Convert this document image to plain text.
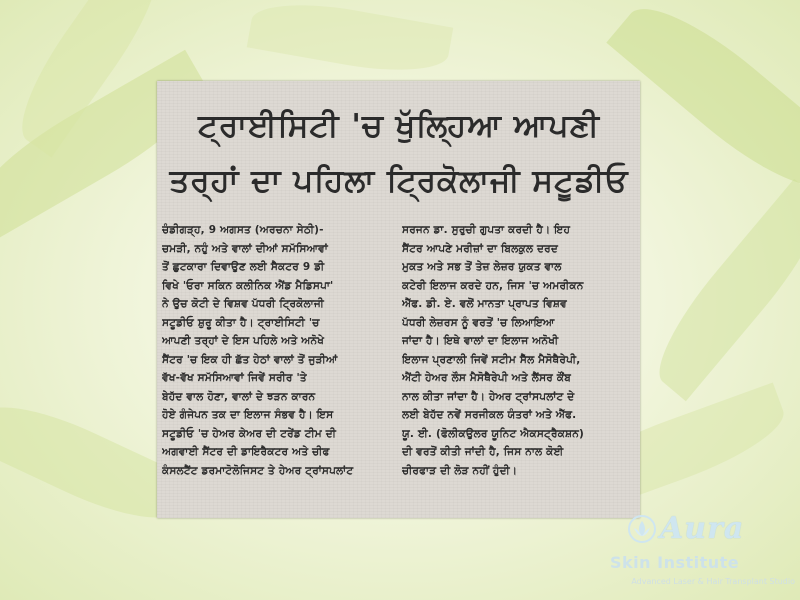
ਟ੍ਰਾਈਸਿਟੀ 'ਚ ਖੁੱਲ੍ਹਿਆ ਆਪਣੀ
ਤਰ੍ਹਾਂ ਦਾ ਪਹਿਲਾ ਟ੍ਰਿਕੋਲਾਜੀ ਸਟੂਡੀਓ
ਚੰਡੀਗੜ੍ਹ, 9 ਅਗਸਤ (ਅਰਚਨਾ ਸੇਠੀ)-
ਚਮੜੀ, ਨਹੁੰ ਅਤੇ ਵਾਲਾਂ ਦੀਆਂ ਸਮੱਸਿਆਵਾਂ
ਤੋਂ ਛੁਟਕਾਰਾ ਦਿਵਾਉਣ ਲਈ ਸੈਕਟਰ 9 ਡੀ
ਵਿਖੇ 'ਓਰਾ ਸਕਿਨ ਕਲੀਨਿਕ ਐਂਡ ਮੈਡਿਸਪਾ'
ਨੇ ਉਚ ਕੋਟੀ ਦੇ ਵਿਸ਼ਵ ਪੱਧਰੀ ਟ੍ਰਿਕੋਲਾਜੀ
ਸਟੂਡੀਓ ਸ਼ੁਰੂ ਕੀਤਾ ਹੈ। ਟ੍ਰਾਈਸਿਟੀ 'ਚ
ਆਪਣੀ ਤਰ੍ਹਾਂ ਦੇ ਇਸ ਪਹਿਲੇ ਅਤੇ ਅਨੋਖੇ
ਸੈਂਟਰ 'ਚ ਇਕ ਹੀ ਛੱਤ ਹੇਠਾਂ ਵਾਲਾਂ ਤੋਂ ਜੁੜੀਆਂ
ਵੱਖ-ਵੱਖ ਸਮੱਸਿਆਵਾਂ ਜਿਵੇਂ ਸਰੀਰ 'ਤੇ
ਬੇਹੱਦ ਵਾਲ ਹੋਣਾ, ਵਾਲਾਂ ਦੇ ਝੜਨ ਕਾਰਨ
ਹੋਏ ਗੰਜੇਪਨ ਤਕ ਦਾ ਇਲਾਜ ਸੰਭਵ ਹੈ। ਇਸ
ਸਟੂਡੀਓ 'ਚ ਹੇਅਰ ਕੇਅਰ ਦੀ ਟਰੇਂਡ ਟੀਮ ਦੀ
ਅਗਵਾਈ ਸੈਂਟਰ ਦੀ ਡਾਇਰੈਕਟਰ ਅਤੇ ਚੀਫ
ਕੰਸਲਟੈਂਟ ਡਰਮਾਟੋਲੋਜਿਸਟ ਤੇ ਹੇਅਰ ਟ੍ਰਾਂਸਪਲਾਂਟ
ਸਰਜਨ ਡਾ. ਸੁਰੁਚੀ ਗੁਪਤਾ ਕਰਦੀ ਹੈ। ਇਹ
ਸੈਂਟਰ ਆਪਣੇ ਮਰੀਜ਼ਾਂ ਦਾ ਬਿਲਕੁਲ ਦਰਦ
ਮੁਕਤ ਅਤੇ ਸਭ ਤੋਂ ਤੇਜ਼ ਲੇਜ਼ਰ ਯੁਕਤ ਵਾਲ
ਕਟੇਰੀ ਇਲਾਜ ਕਰਦੇ ਹਨ, ਜਿਸ 'ਚ ਅਮਰੀਕਨ
ਐੱਫ. ਡੀ. ਏ. ਵਲੋਂ ਮਾਨਤਾ ਪ੍ਰਾਪਤ ਵਿਸ਼ਵ
ਪੱਧਰੀ ਲੇਜ਼ਰਸ ਨੂੰ ਵਰਤੋਂ 'ਚ ਲਿਆਇਆ
ਜਾਂਦਾ ਹੈ। ਇਥੇ ਵਾਲਾਂ ਦਾ ਇਲਾਜ ਅਨੋਖੀ
ਇਲਾਜ ਪ੍ਰਣਾਲੀ ਜਿਵੇਂ ਸਟੀਮ ਸੈੱਲ ਮੈਸੋਥੈਰੇਪੀ,
ਐਂਟੀ ਹੇਅਰ ਲੌਸ ਮੈਸੋਥੈਰੇਪੀ ਅਤੇ ਲੈਂਸਰ ਕੌਂਬ
ਨਾਲ ਕੀਤਾ ਜਾਂਦਾ ਹੈ। ਹੇਅਰ ਟ੍ਰਾਂਸਪਲਾਂਟ ਦੇ
ਲਈ ਬੇਹੱਦ ਨਵੇਂ ਸਰਜੀਕਲ ਯੰਤਰਾਂ ਅਤੇ ਐੱਫ.
ਯੂ. ਈ. (ਫੋਲੀਕਉਲਰ ਯੂਨਿਟ ਐਕਸਟ੍ਰੈਕਸ਼ਨ)
ਦੀ ਵਰਤੋਂ ਕੀਤੀ ਜਾਂਦੀ ਹੈ, ਜਿਸ ਨਾਲ ਕੋਈ
ਚੀਰਫਾੜ ਦੀ ਲੋੜ ਨਹੀਂ ਹੁੰਦੀ।
Aura
Skin Institute
Advanced Laser & Hair Transplant Studio
